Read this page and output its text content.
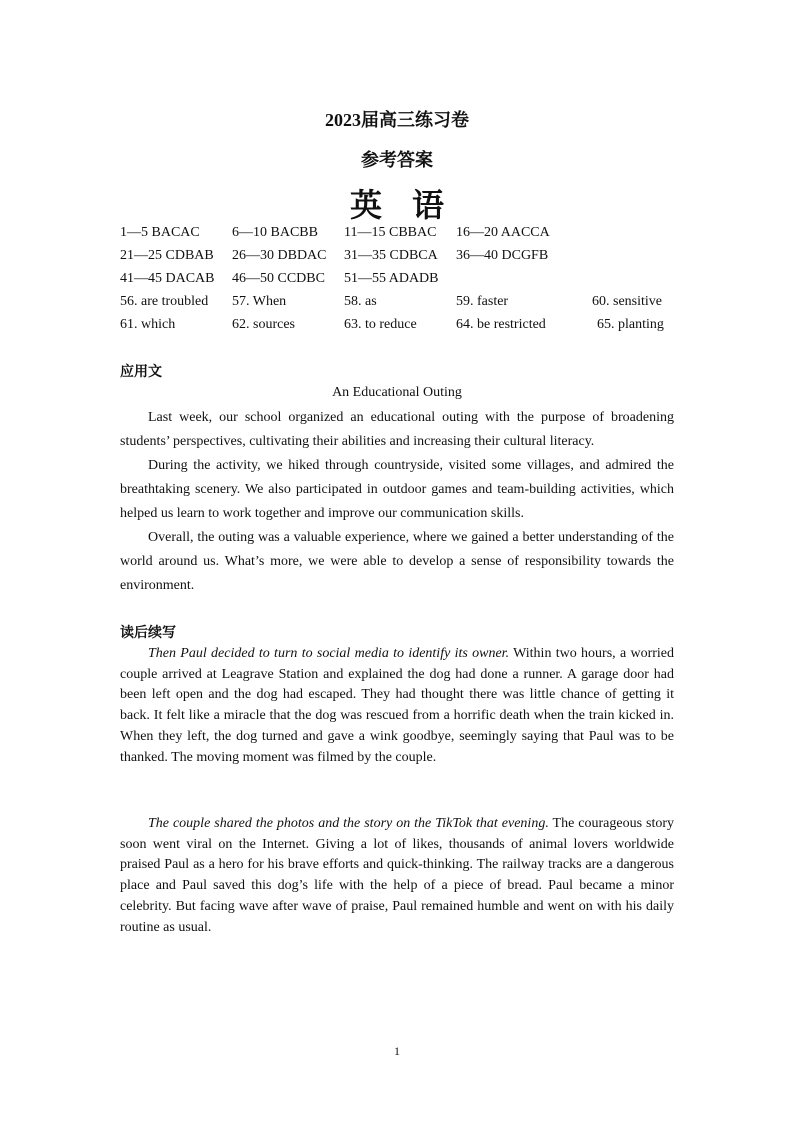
2023届高三练习卷
参考答案
英语
1—5 BACAC 6—10 BACBB 11—15 CBBAC 16—20 AACCA
21—25 CDBAB 26—30 DBDAC 31—35 CDBCA 36—40 DCGFB
41—45 DACAB 46—50 CCDBC 51—55 ADADB
56. are troubled 57. When	58. as	59. faster	60. sensitive
61. which	62. sources	63. to reduce	64. be restricted	65. planting
应用文
An Educational Outing

Last week, our school organized an educational outing with the purpose of broadening students’ perspectives, cultivating their abilities and increasing their cultural literacy.

During the activity, we hiked through countryside, visited some villages, and admired the breathtaking scenery. We also participated in outdoor games and team-building activities, which helped us learn to work together and improve our communication skills.

Overall, the outing was a valuable experience, where we gained a better understanding of the world around us. What’s more, we were able to develop a sense of responsibility towards the environment.

读后续写

Then Paul decided to turn to social media to identify its owner. Within two hours, a worried couple arrived at Leagrave Station and explained the dog had done a runner. A garage door had been left open and the dog had escaped. They had thought there was little chance of getting it back. It felt like a miracle that the dog was rescued from a horrific death when the train kicked in. When they left, the dog turned and gave a wink goodbye, seemingly saying that Paul was to be thanked. The moving moment was filmed by the couple.

The couple shared the photos and the story on the TikTok that evening. The courageous story soon went viral on the Internet. Giving a lot of likes, thousands of animal lovers worldwide praised Paul as a hero for his brave efforts and quick-thinking. The railway tracks are a dangerous place and Paul saved this dog’s life with the help of a piece of bread. Paul became a minor celebrity. But facing wave after wave of praise, Paul remained humble and went on with his daily routine as usual.

1
